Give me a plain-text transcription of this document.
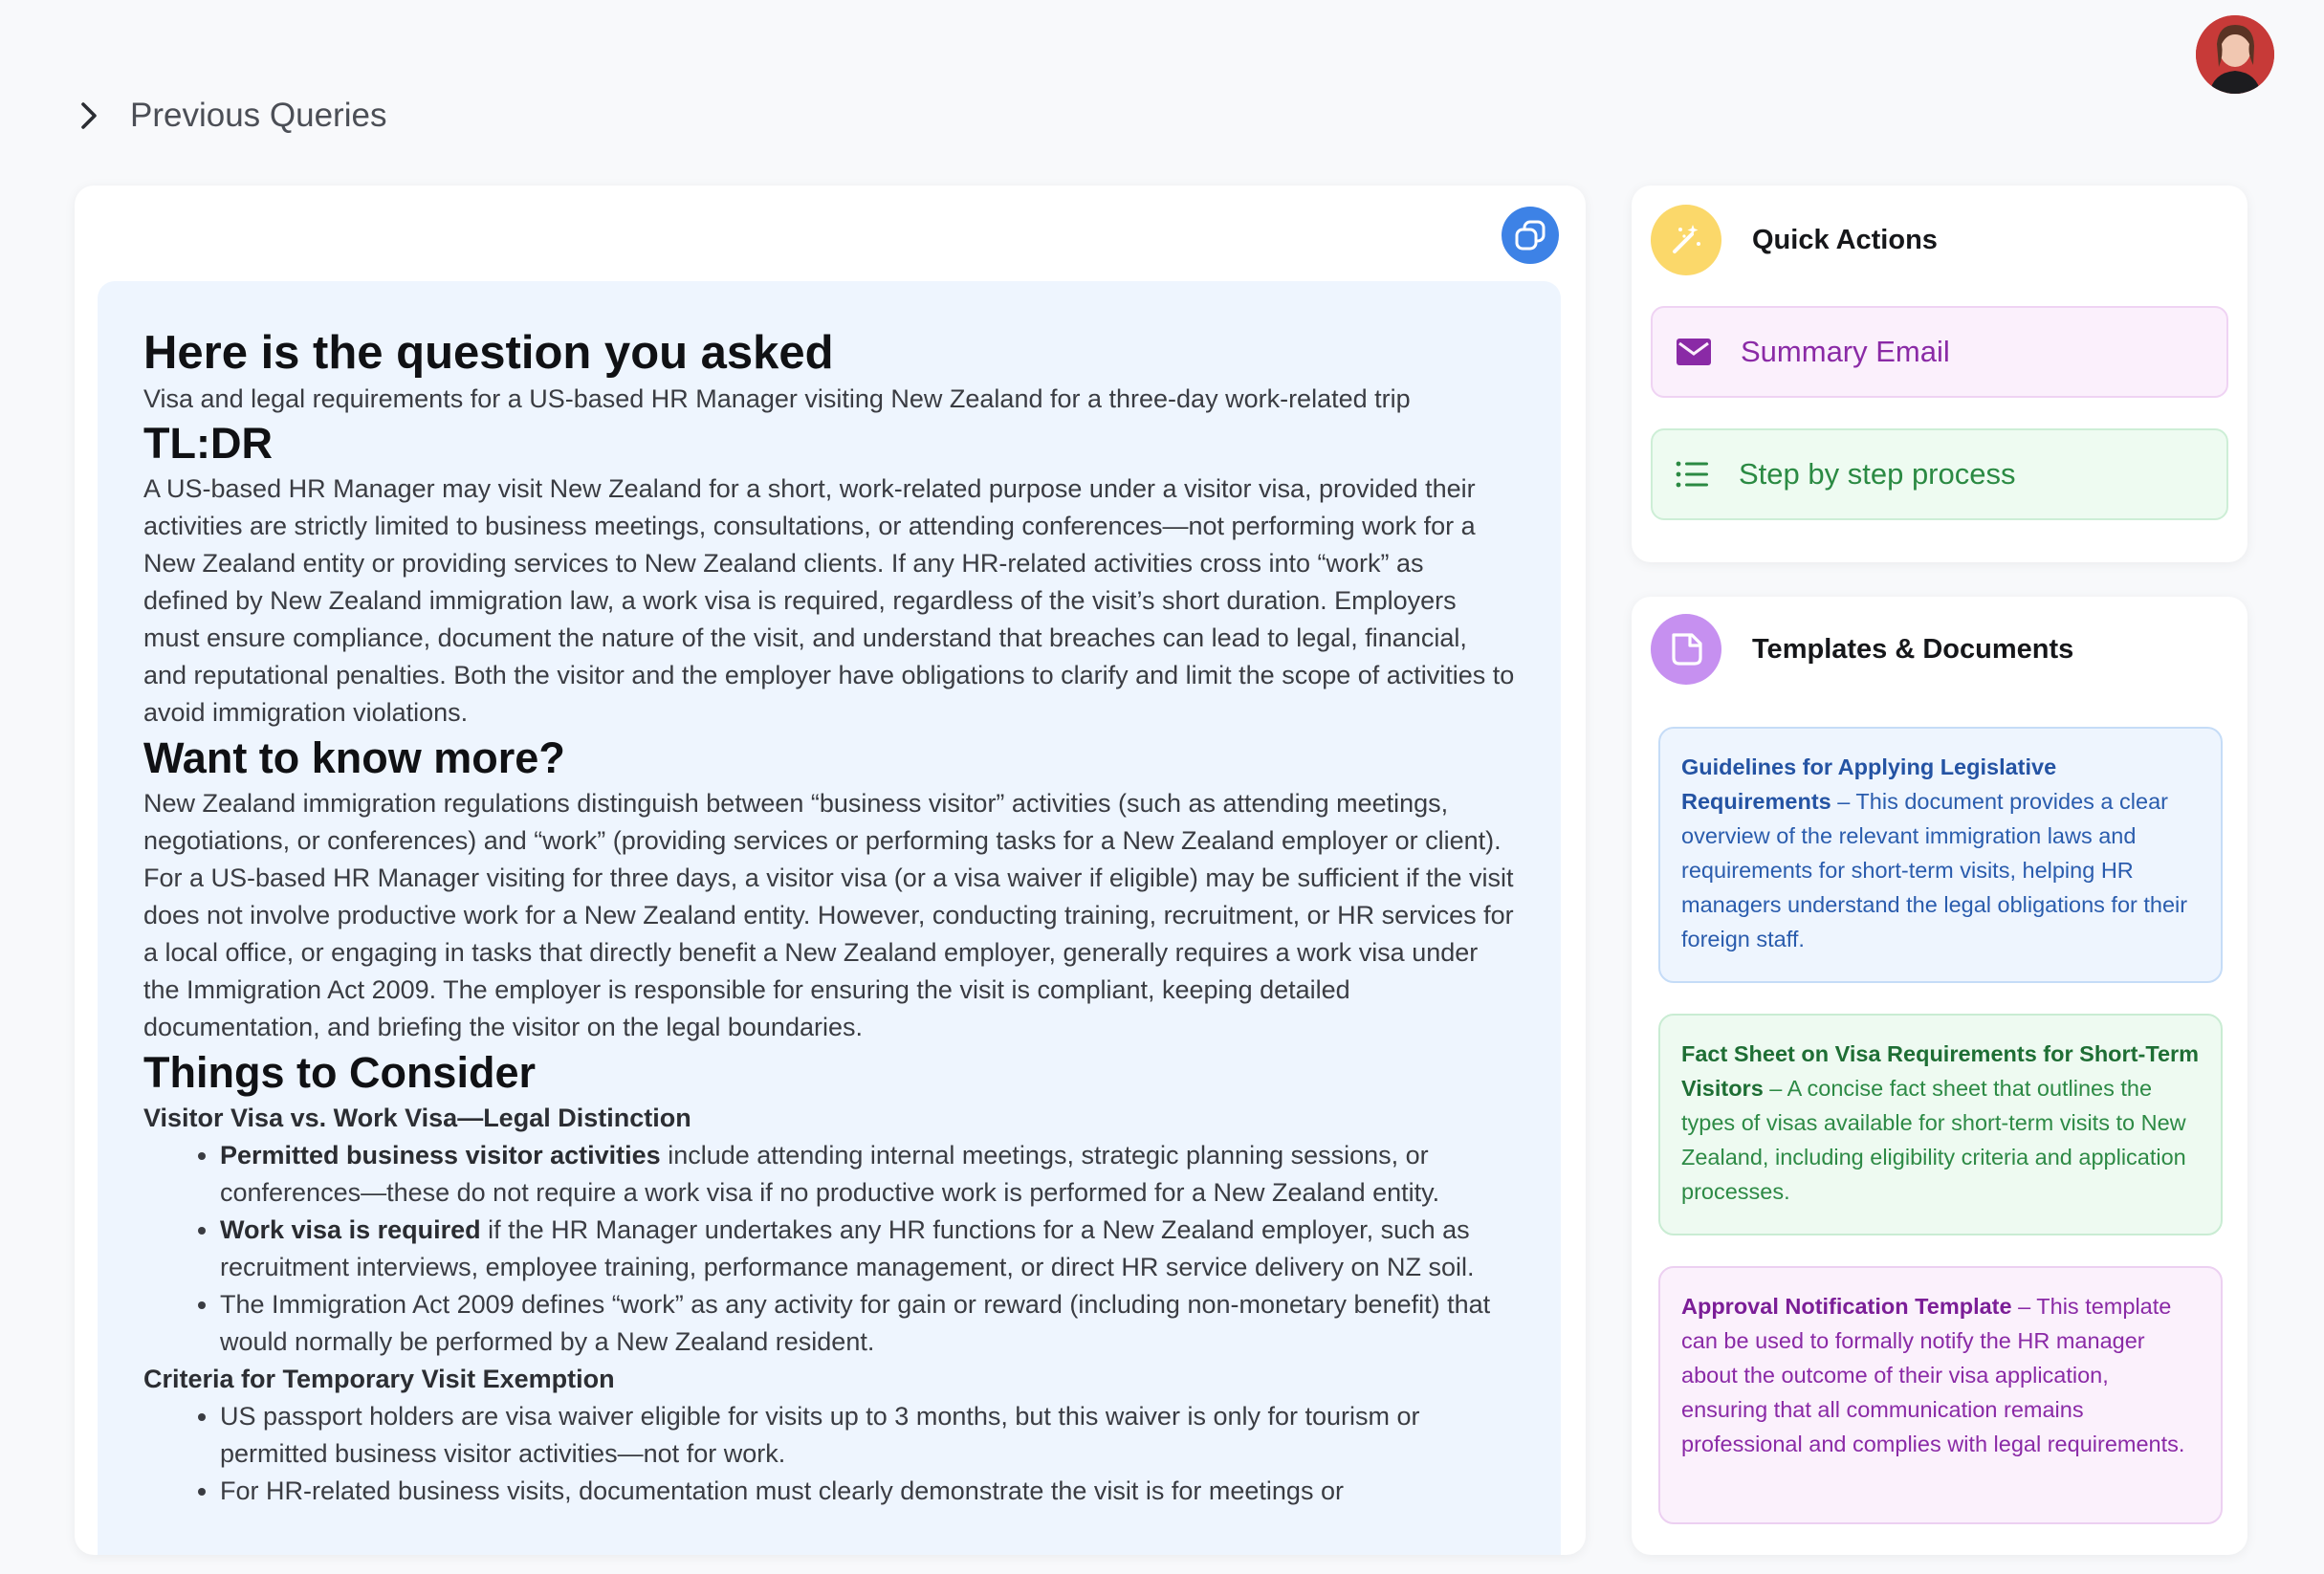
Previous Queries
Here is the question you asked

Visa and legal requirements for a US-based HR Manager visiting New Zealand for a three-day work-related trip

TL:DR

A US-based HR Manager may visit New Zealand for a short, work-related purpose under a visitor visa, provided their activities are strictly limited to business meetings, consultations, or attending conferences—not performing work for a New Zealand entity or providing services to New Zealand clients. If any HR-related activities cross into “work” as defined by New Zealand immigration law, a work visa is required, regardless of the visit’s short duration. Employers must ensure compliance, document the nature of the visit, and understand that breaches can lead to legal, financial, and reputational penalties. Both the visitor and the employer have obligations to clarify and limit the scope of activities to avoid immigration violations.

Want to know more?

New Zealand immigration regulations distinguish between “business visitor” activities (such as attending meetings, negotiations, or conferences) and “work” (providing services or performing tasks for a New Zealand employer or client). For a US-based HR Manager visiting for three days, a visitor visa (or a visa waiver if eligible) may be sufficient if the visit does not involve productive work for a New Zealand entity. However, conducting training, recruitment, or HR services for a local office, or engaging in tasks that directly benefit a New Zealand employer, generally requires a work visa under the Immigration Act 2009. The employer is responsible for ensuring the visit is compliant, keeping detailed documentation, and briefing the visitor on the legal boundaries.

Things to Consider
Visitor Visa vs. Work Visa—Legal Distinction
• Permitted business visitor activities include attending internal meetings, strategic planning sessions, or conferences—these do not require a work visa if no productive work is performed for a New Zealand entity.
• Work visa is required if the HR Manager undertakes any HR functions for a New Zealand employer, such as recruitment interviews, employee training, performance management, or direct HR service delivery on NZ soil.
• The Immigration Act 2009 defines “work” as any activity for gain or reward (including non-monetary benefit) that would normally be performed by a New Zealand resident.
Criteria for Temporary Visit Exemption
• US passport holders are visa waiver eligible for visits up to 3 months, but this waiver is only for tourism or permitted business visitor activities—not for work.
• For HR-related business visits, documentation must clearly demonstrate the visit is for meetings or
Quick Actions
Summary Email
Step by step process
Templates & Documents
Guidelines for Applying Legislative Requirements – This document provides a clear overview of the relevant immigration laws and requirements for short-term visits, helping HR managers understand the legal obligations for their foreign staff.
Fact Sheet on Visa Requirements for Short-Term Visitors – A concise fact sheet that outlines the types of visas available for short-term visits to New Zealand, including eligibility criteria and application processes.
Approval Notification Template – This template can be used to formally notify the HR manager about the outcome of their visa application, ensuring that all communication remains professional and complies with legal requirements.
